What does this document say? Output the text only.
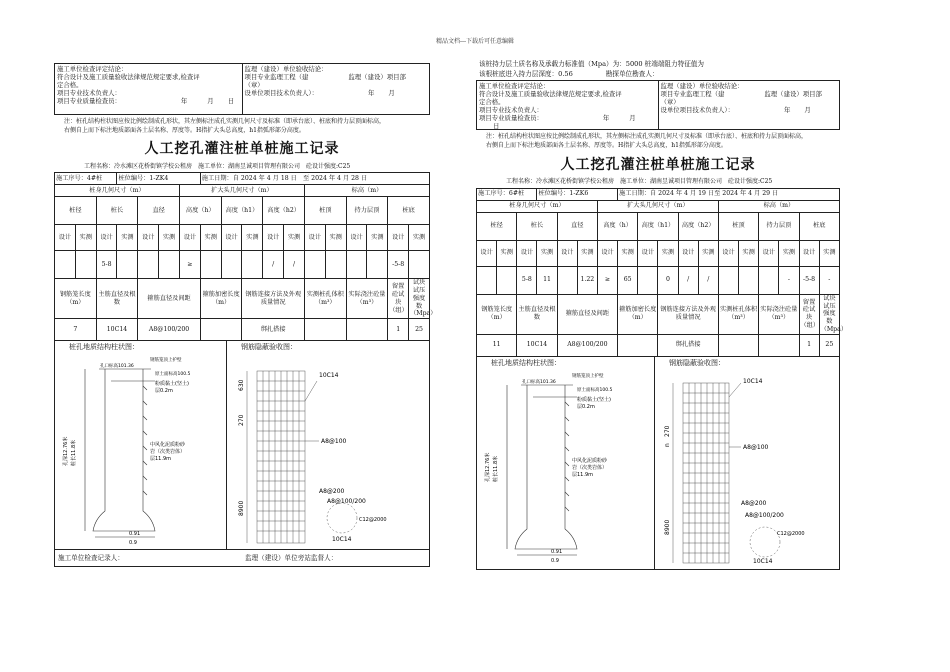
精品文档---下载后可任意编辑
施工单位检查评定结论：
符合设计及施工质量验收法律规范规定要求,检查评
定合格。
项目专业技术负责人：
项目专业质量检查员：	年	月 日
监理（建设）单位验收结论：
项目专业监理工程（建	监理（建设）项目部
（章）
设单位项目技术负责人）：	年 月
注：桩孔结构柱状图应按比例绘制成孔形状，其左侧标注成孔实测几何尺寸及标准（即承台底）、桩底和持力层顶面标高，
右侧自上而下标注地质部面各土层名称、厚度等。H指扩大头总高度，h1指弧形部分高度。
人工挖孔灌注桩单桩施工记录
工程名称：冷水滩区花桥街镇学校公租房　施工单位：湖南昱诚项目管理有限公司　砼设计强度:C25
施工序号：4#桩			桩位编号：1-ZK4				施工日期：自 2024 年 4 月 18 日　至 2024 年 4 月 28 日										
桩身几何尺寸（m）						扩大头几何尺寸（m）						标高（m）					
桩径		桩长		直径		高度（h）		高度（h1）		高度（h2）		桩顶		持力层顶		桩底	
设计	实测	设计	实测	设计	实测	设计	实测	设计	实测	设计	实测	设计	实测	设计	实测	设计	实测
		5-8				≥				/	/					-5-8	
钢筋笼长度（m）		主筋直径及根数		箍筋直径及间距			箍筋加密长度（m）		钢筋连接方法及外观质量情况			实测桩孔体积（m³）		实际浇注砼量（m³）		留置砼试块（组）	试块试压强度数（Mpa）
7		10C14		A8@100/200					绑扎搭接							1	25
桩孔地质结构柱状图：
孔口标高101.36
钢筋笼顶上护壁
原土面标高100.5
粉质黏土(坚土)
层0.2m
中风化泥质粉砂
岩（次类岩体）
层11.9m
孔深12.76米 桩长11.8米
0.91
0.9
钢筋隐蔽验收图：
10C14
A8@100
A8@200
A8@100/200
C12@2000
10C14
630
270
8900
施工单位检查记录人：	监理（建设）单位旁站监督人：
该桩持力层土质名称及承载力标准值（Mpa）为：5000 桩端端阻力特征值为
该根桩底进入持力层深度：0.56　　　　　勘探单位勘查人：
施工单位检查评定结论：
符合设计及施工质量验收法律规范规定要求,检查评
定合格。
项目专业技术负责人：
项目专业质量检查员：	年	月日
监理（建设）单位验收结论：
项目专业监理工程（建	监理（建设）项目部
（章）
设单位项目技术负责人）：	年 月
注：桩孔结构柱状图应按比例绘制成孔形状，其左侧标注成孔实测几何尺寸及标准（即承台底）、桩底和持力层顶面标高，
右侧自上而下标注地质部面各土层名称、厚度等。H指扩大头总高度，h1指弧形部分高度。
人工挖孔灌注桩单桩施工记录
工程名称：冷水滩区花桥街镇学校公租房　施工单位：湖南昱诚项目管理有限公司　砼设计强度:C25
施工序号：6#桩			桩位编号：1-ZK6				施工日期：自 2024 年 4 月 19 日至 2024 年 4 月 29 日										
桩身几何尺寸（m）						扩大头几何尺寸（m）						标高（m）					
桩径		桩长		直径		高度（h）		高度（h1）		高度（h2）		桩顶		持力层顶		桩底	
设计	实测	设计	实测	设计	实测	设计	实测	设计	实测	设计	实测	设计	实测	设计	实测	设计	实测
		5-8	11		1.22	≥	65		0	/	/				-	-5-8	-
钢筋笼长度（m）		主筋直径及根数		箍筋直径及间距			箍筋加密长度（m）		钢筋连接方法及外观质量情况			实测桩孔体积（m³）		实际浇注砼量（m³）		留置砼试块（组）	试块试压强度数（Mpa）
11		10C14		A8@100/200					绑扎搭接							1	25
桩孔地质结构柱状图：
孔口标高101.36
钢筋笼顶上护壁
原土面标高100.5
粉质黏土(坚土)
层0.2m
中风化泥质粉砂
岩（次类岩体）
层11.9m
孔深12.76米 桩长11.8米
0.91
0.9
钢筋隐蔽验收图：
10C14
A8@100
A8@200
A8@100/200
C12@2000
10C14
270
8900
n
